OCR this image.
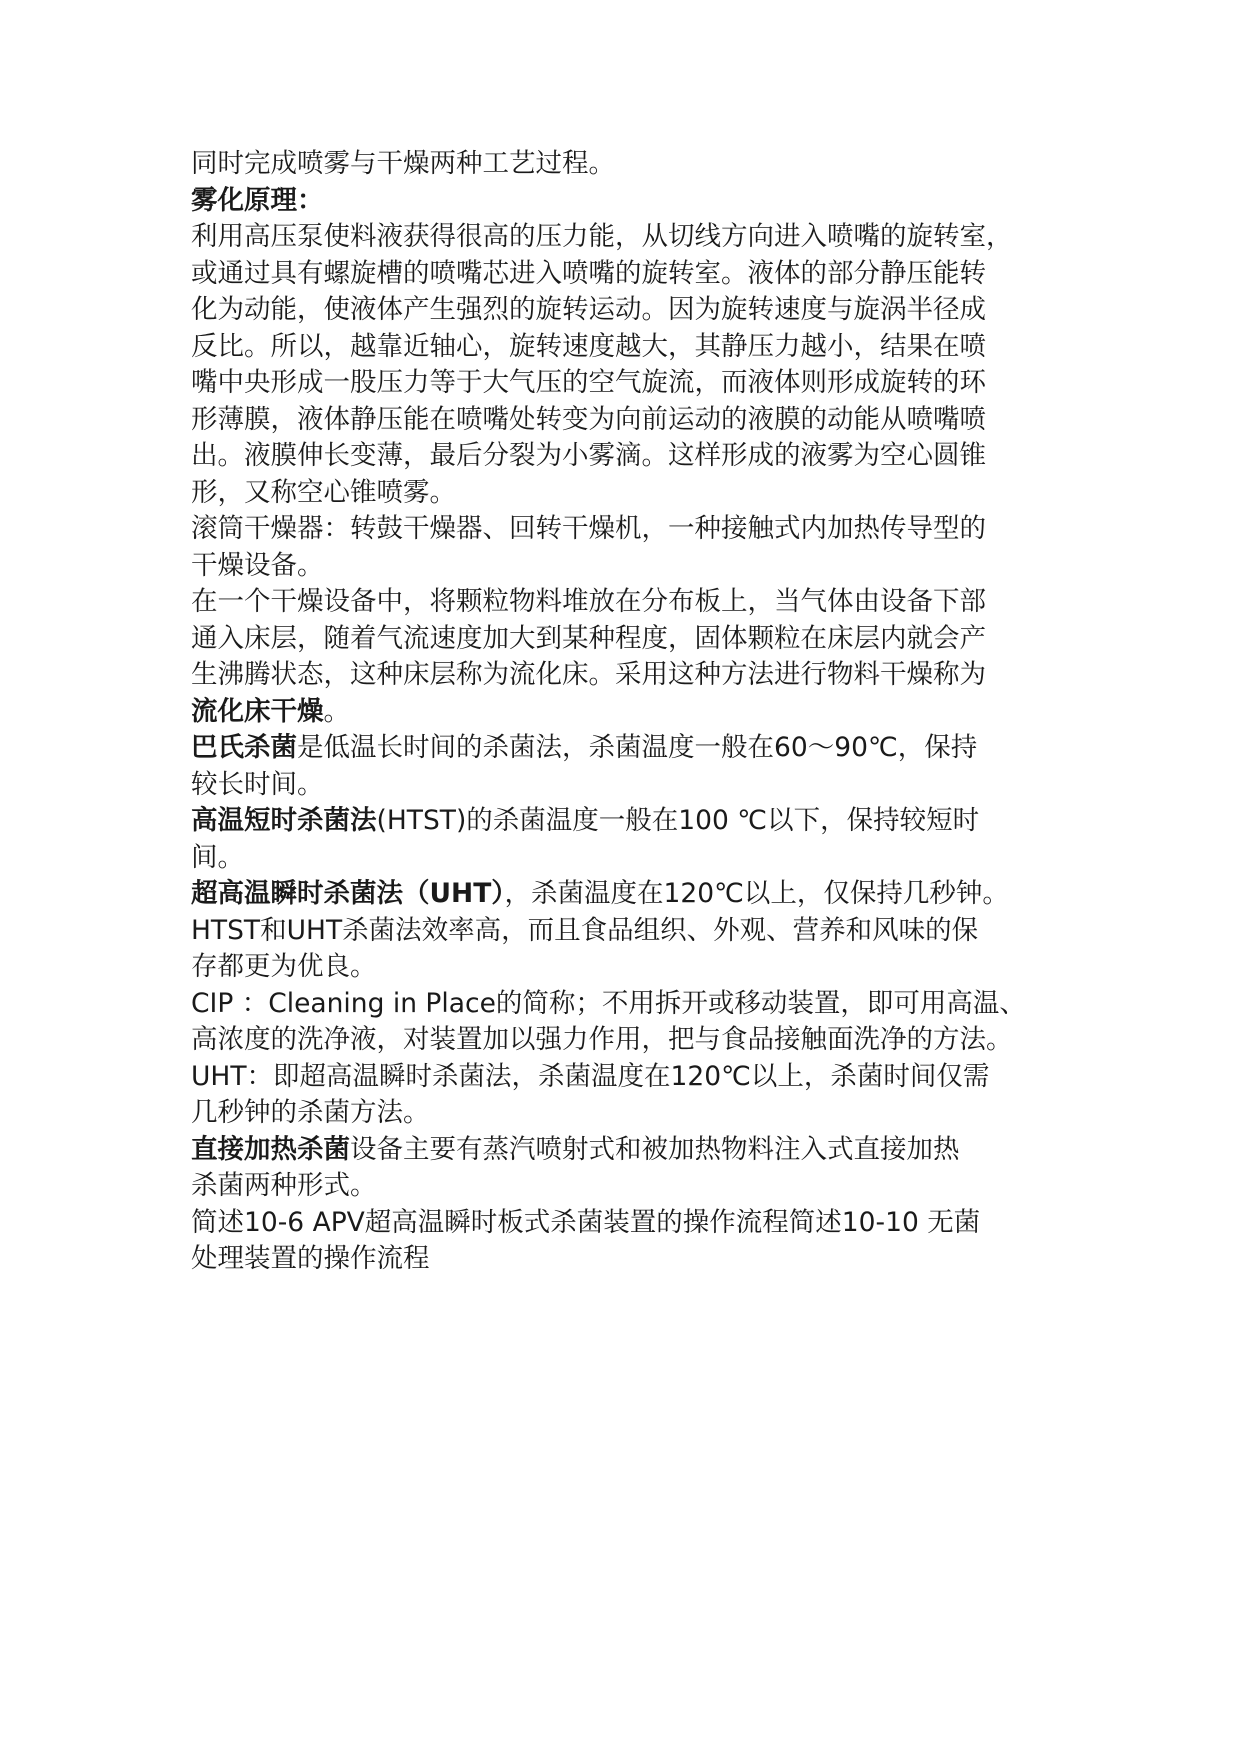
同时完成喷雾与干燥两种工艺过程。
雾化原理：
利用高压泵使料液获得很高的压力能，从切线方向进入喷嘴的旋转室，
或通过具有螺旋槽的喷嘴芯进入喷嘴的旋转室。液体的部分静压能转
化为动能，使液体产生强烈的旋转运动。因为旋转速度与旋涡半径成
反比。所以，越靠近轴心，旋转速度越大，其静压力越小，结果在喷
嘴中央形成一股压力等于大气压的空气旋流，而液体则形成旋转的环
形薄膜，液体静压能在喷嘴处转变为向前运动的液膜的动能从喷嘴喷
出。液膜伸长变薄，最后分裂为小雾滴。这样形成的液雾为空心圆锥
形，又称空心锥喷雾。
滚筒干燥器：转鼓干燥器、回转干燥机，一种接触式内加热传导型的
干燥设备。
在一个干燥设备中，将颗粒物料堆放在分布板上，当气体由设备下部
通入床层，随着气流速度加大到某种程度，固体颗粒在床层内就会产
生沸腾状态，这种床层称为流化床。采用这种方法进行物料干燥称为
流化床干燥。
巴氏杀菌是低温长时间的杀菌法，杀菌温度一般在60～90℃，保持
较长时间。
高温短时杀菌法(HTST)的杀菌温度一般在100 ℃以下，保持较短时
间。
超高温瞬时杀菌法（UHT），杀菌温度在120℃以上，仅保持几秒钟。
HTST和UHT杀菌法效率高，而且食品组织、外观、营养和风味的保
存都更为优良。
CIP ：Cleaning in Place的简称；不用拆开或移动装置，即可用高温、
高浓度的洗净液，对装置加以强力作用，把与食品接触面洗净的方法。
UHT：即超高温瞬时杀菌法，杀菌温度在120℃以上，杀菌时间仅需
几秒钟的杀菌方法。
直接加热杀菌设备主要有蒸汽喷射式和被加热物料注入式直接加热
杀菌两种形式。
简述10-6 APV超高温瞬时板式杀菌装置的操作流程简述10-10 无菌
处理装置的操作流程
